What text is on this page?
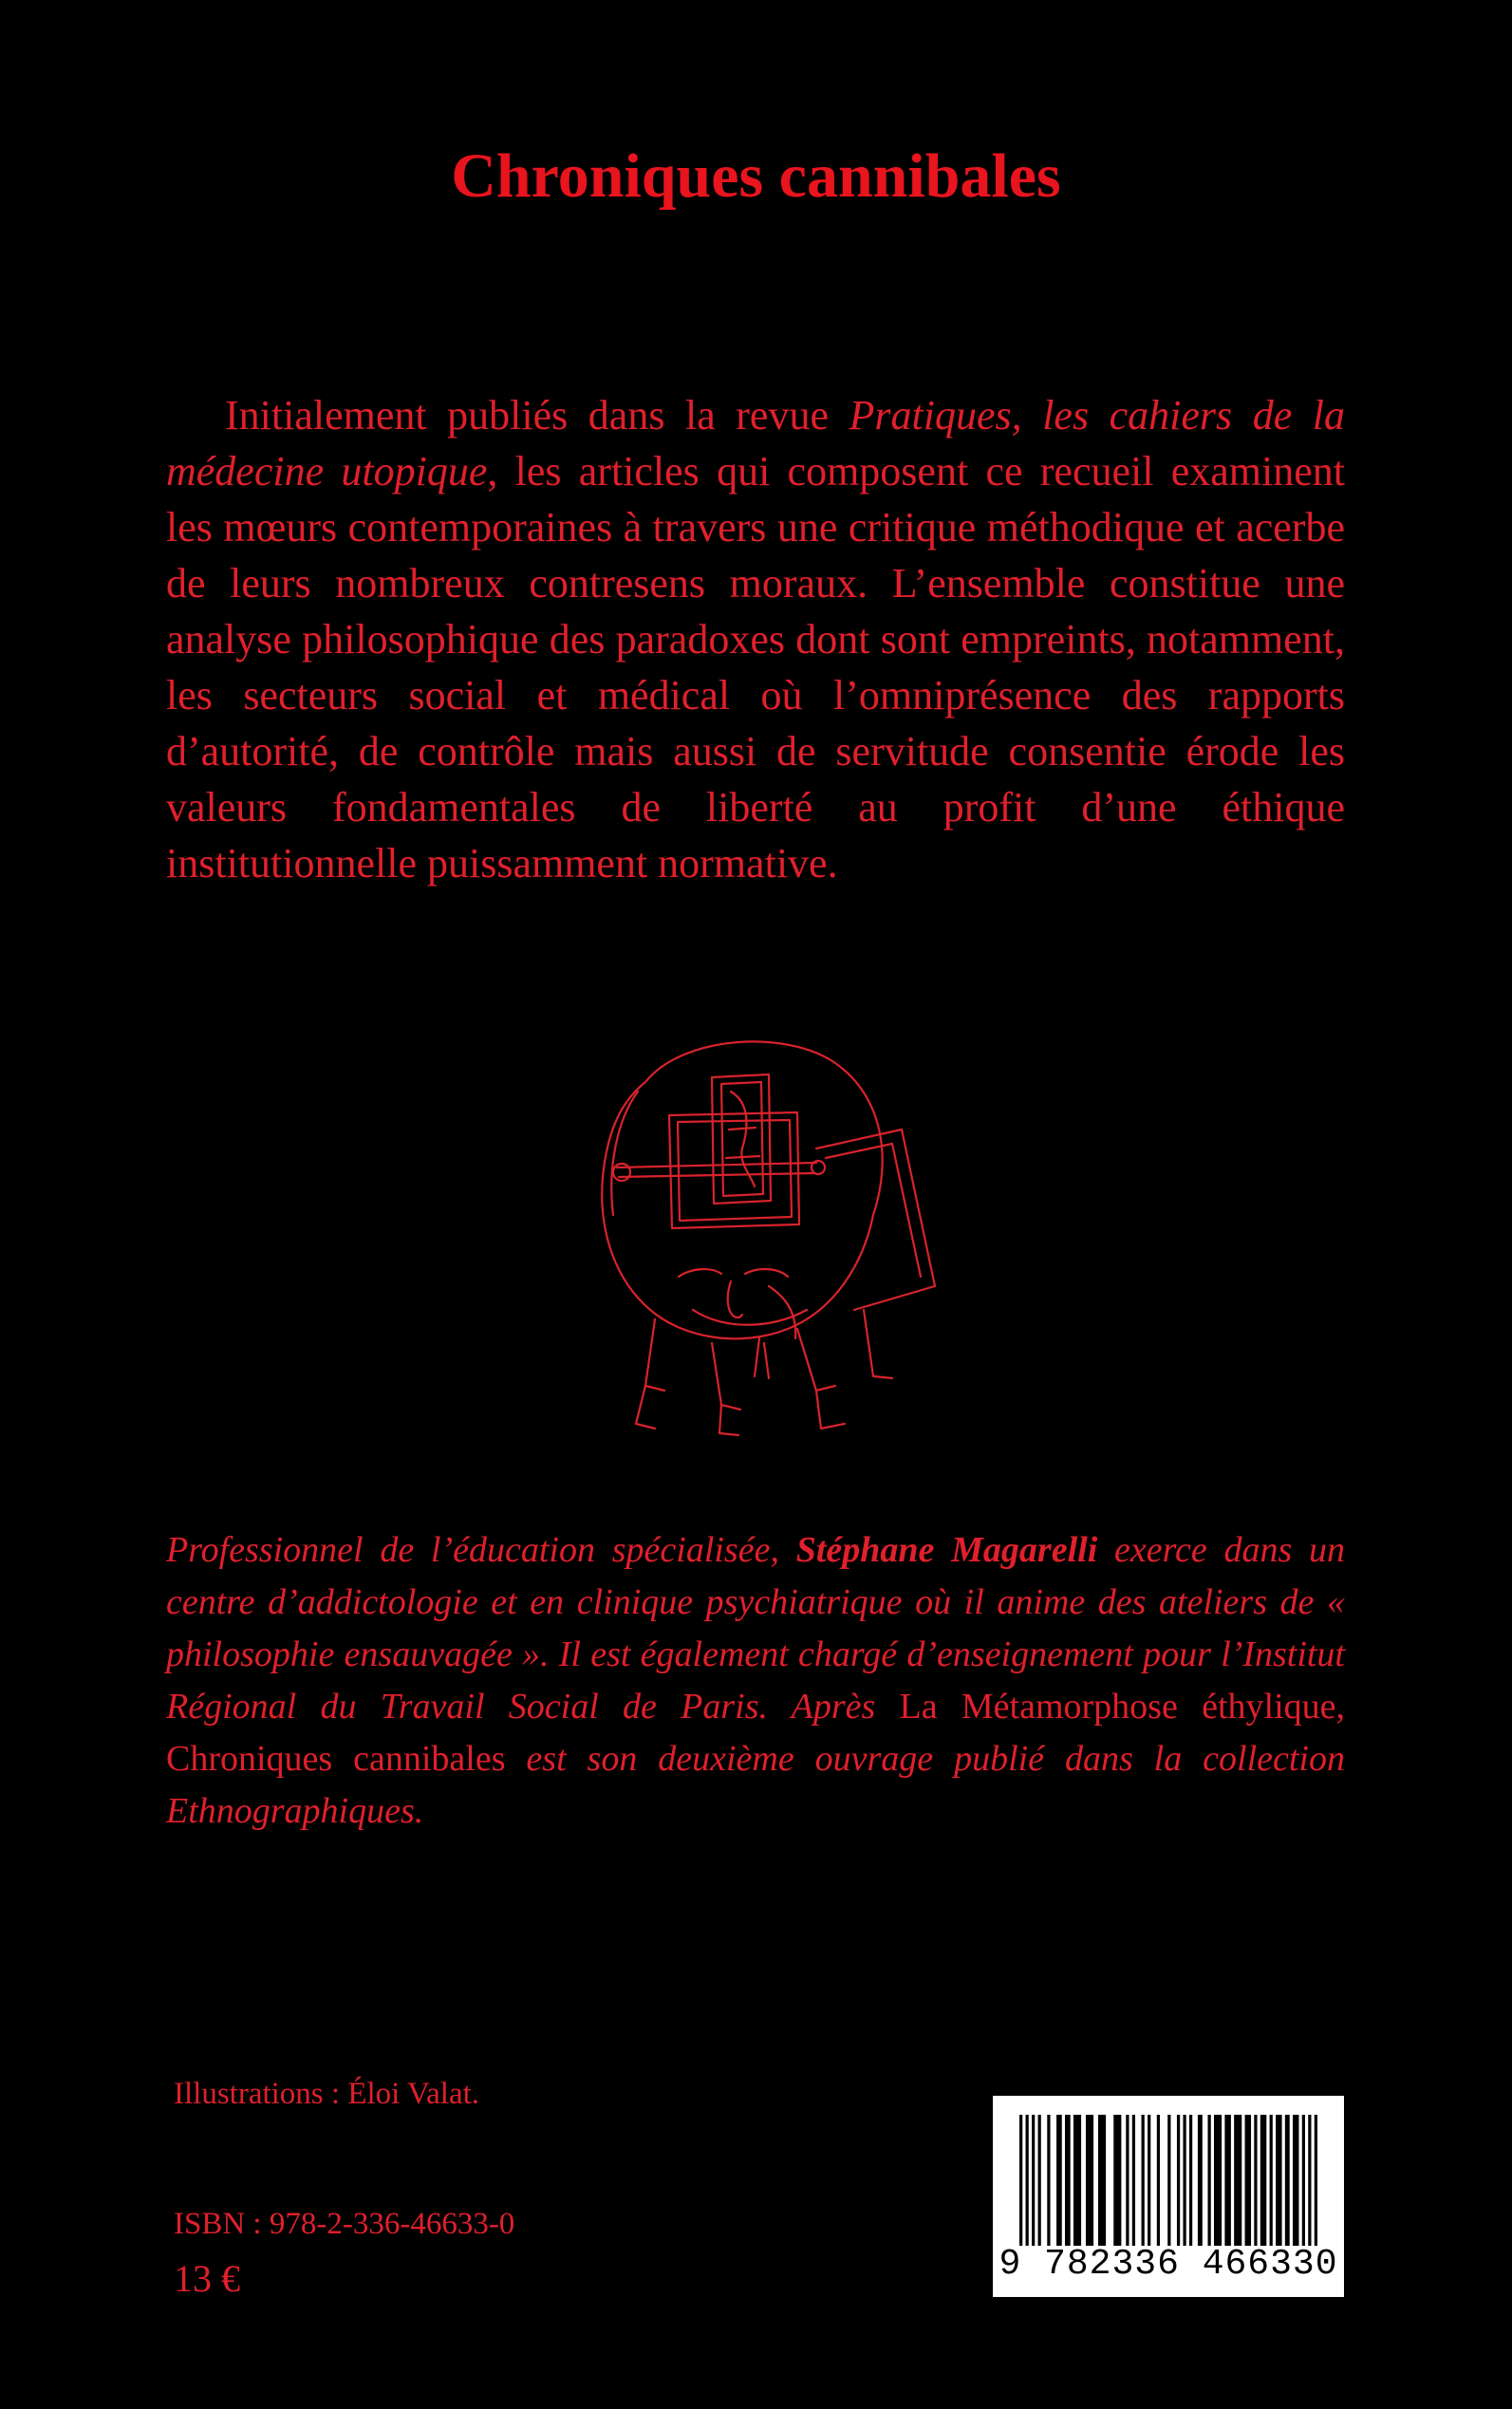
Chroniques cannibales

Initialement publiés dans la revue Pratiques, les cahiers de la médecine utopique, les articles qui composent ce recueil examinent les mœurs contemporaines à travers une critique méthodique et acerbe de leurs nombreux contresens moraux. L’ensemble constitue une analyse philosophique des paradoxes dont sont empreints, notamment, les secteurs social et médical où l’omniprésence des rapports d’autorité, de contrôle mais aussi de servitude consentie érode les valeurs fondamentales de liberté au profit d’une éthique institutionnelle puissamment normative.

Professionnel de l’éducation spécialisée, Stéphane Magarelli exerce dans un centre d’addictologie et en clinique psychiatrique où il anime des ateliers de « philosophie ensauvagée ». Il est également chargé d’enseignement pour l’Institut Régional du Travail Social de Paris. Après La Métamorphose éthylique, Chroniques cannibales est son deuxième ouvrage publié dans la collection Ethnographiques.

Illustrations : Éloi Valat.

ISBN : 978-2-336-46633-0

13 €	9 782336 466330
